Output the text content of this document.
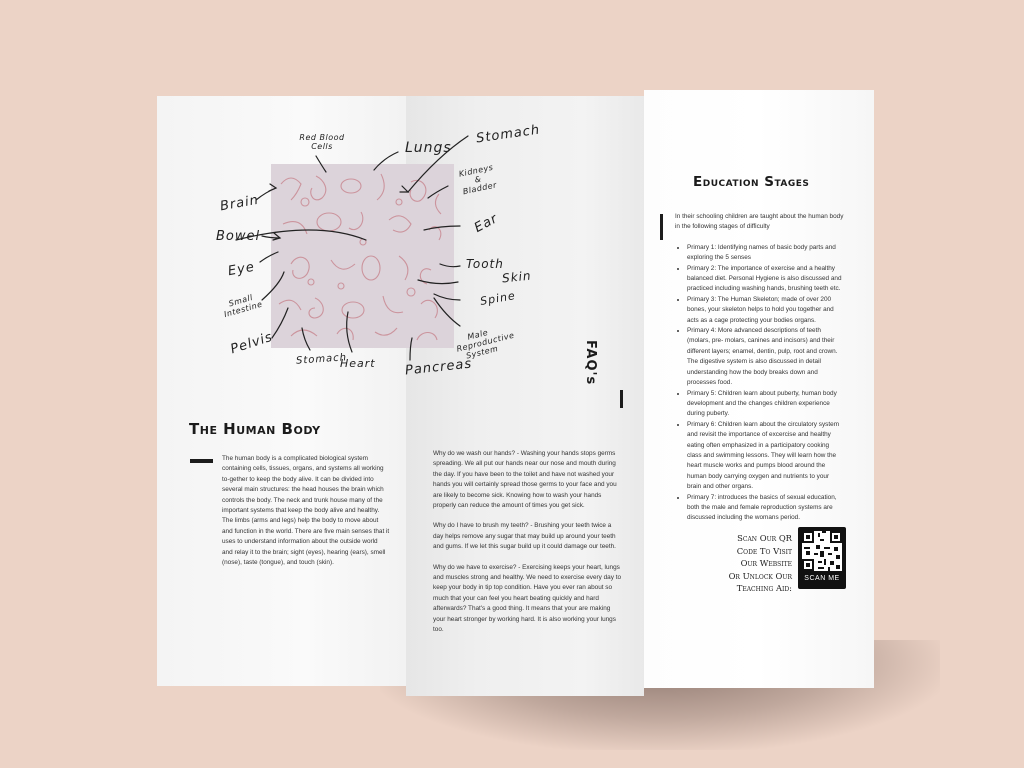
Red Blood Cells	Lungs
Stomach
Kidneys & Bladder
Brain
Bowel
Eye
Small Intestine
Pelvis
Stomach
Heart Pancreas
Male Reproductive System
Ear
Tooth
Skin
Spine
The Human Body

The human body is a complicated biological system containing cells, tissues, organs, and systems all working to-gether to keep the body alive. It can be divided into several main structures: the head houses the brain which controls the body. The neck and trunk house many of the important systems that keep the body alive and healthy. The limbs (arms and legs) help the body to move about and function in the world. There are five main senses that it uses to understand information about the outside world and relay it to the brain; sight (eyes), hearing (ears), smell (nose), taste (tongue), and touch (skin).

Why do we wash our hands? - Washing your hands stops germs spreading. We all put our hands near our nose and mouth during the day. If you have been to the toilet and have not washed your hands you will certainly spread those germs to your face and you are likely to become sick. Knowing how to wash your hands properly can reduce the amount of times you get sick.

Why do I have to brush my teeth? - Brushing your teeth twice a day helps remove any sugar that may build up around your teeth and gums. If we let this sugar build up it could damage our teeth.

Why do we have to exercise? - Exercising keeps your heart, lungs and muscles strong and healthy. We need to exercise every day to keep your body in tip top condition. Have you ever ran about so much that your can feel you heart beating quickly and hard afterwards? That's a good thing. It means that your are making your heart stronger by working hard. It is also working your lungs too.

FAQ's
Education Stages

In their schooling children are taught about the human body in the following stages of difficulty

• Primary 1: Identifying names of basic body parts and exploring the 5 senses
• Primary 2: The importance of exercise and a healthy balanced diet. Personal Hygiene is also discussed and practiced including washing hands, brushing teeth etc.
• Primary 3: The Human Skeleton; made of over 200 bones, your skeleton helps to hold you together and acts as a cage protecting your bodies organs.
• Primary 4: More advanced descriptions of teeth (molars, pre- molars, canines and incisors) and their different layers; enamel, dentin, pulp, root and crown. The digestive system is also discussed in detail understanding how the body breaks down and processes food.
• Primary 5: Children learn about puberty, human body development and the changes children experience during puberty.
• Primary 6: Children learn about the circulatory system and revisit the importance of excercise and healthy eating often emphasized in a participatory cooking class and swimming lessons. They will learn how the heart muscle works and pumps blood around the human body carrying oxygen and nutrients to your brain and other organs.
• Primary 7: introduces the basics of sexual education, both the male and female reproduction systems are discussed including the womans period.
Scan Our QR
Code To Visit
Our Website
Or Unlock Our
Teaching Aid:
SCAN ME
